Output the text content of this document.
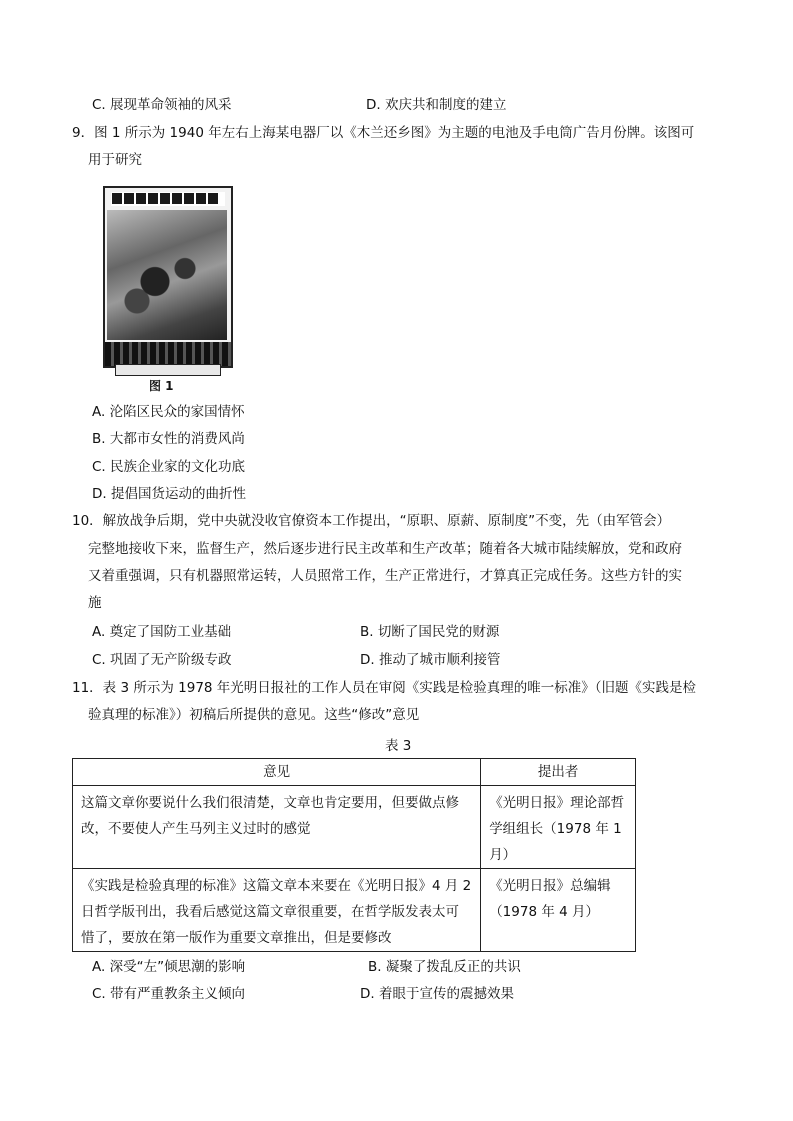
C. 展现革命领袖的风采	D. 欢庆共和制度的建立
9．图 1 所示为 1940 年左右上海某电器厂以《木兰还乡图》为主题的电池及手电筒广告月份牌。该图可
用于研究
图 1
A. 沦陷区民众的家国情怀
B. 大都市女性的消费风尚
C. 民族企业家的文化功底
D. 提倡国货运动的曲折性
10．解放战争后期，党中央就没收官僚资本工作提出，“原职、原薪、原制度”不变，先（由军管会）
完整地接收下来，监督生产，然后逐步进行民主改革和生产改革；随着各大城市陆续解放，党和政府
又着重强调，只有机器照常运转，人员照常工作，生产正常进行，才算真正完成任务。这些方针的实
施
A. 奠定了国防工业基础	B. 切断了国民党的财源
C. 巩固了无产阶级专政	D. 推动了城市顺利接管
11．表 3 所示为 1978 年光明日报社的工作人员在审阅《实践是检验真理的唯一标准》（旧题《实践是检
验真理的标准》）初稿后所提供的意见。这些“修改”意见
表 3
意见	提出者
这篇文章你要说什么我们很清楚，文章也肯定要用，但要做点修改，不要使人产生马列主义过时的感觉	《光明日报》理论部哲学组组长（1978 年 1 月）
《实践是检验真理的标准》这篇文章本来要在《光明日报》4 月 2 日哲学版刊出，我看后感觉这篇文章很重要，在哲学版发表太可惜了，要放在第一版作为重要文章推出，但是要修改	《光明日报》总编辑（1978 年 4 月）
A. 深受“左”倾思潮的影响	B. 凝聚了拨乱反正的共识
C. 带有严重教条主义倾向	D. 着眼于宣传的震撼效果
